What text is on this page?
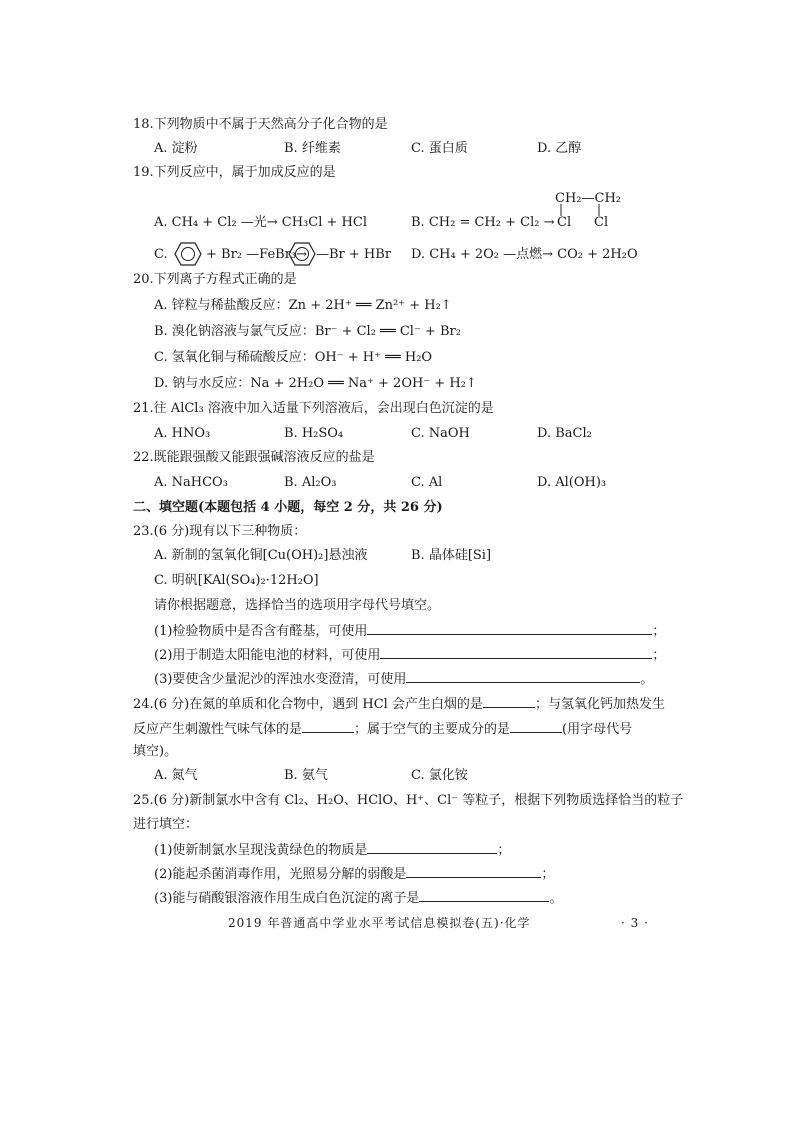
18.下列物质中不属于天然高分子化合物的是
A. 淀粉	B. 纤维素	C. 蛋白质	D. 乙醇
19.下列反应中，属于加成反应的是
A. CH₄ + Cl₂ —光→ CH₃Cl + HCl	B. CH₂ = CH₂ + Cl₂ →
CH₂—CH₂
Cl Cl
C.	+ Br₂ —FeBr₃→ —Br + HBr D. CH₄ + 2O₂ —点燃→ CO₂ + 2H₂O
20.下列离子方程式正确的是
A. 锌粒与稀盐酸反应：Zn + 2H⁺ ══ Zn²⁺ + H₂↑
B. 溴化钠溶液与氯气反应：Br⁻ + Cl₂ ══ Cl⁻ + Br₂
C. 氢氧化铜与稀硫酸反应：OH⁻ + H⁺ ══ H₂O
D. 钠与水反应：Na + 2H₂O ══ Na⁺ + 2OH⁻ + H₂↑
21.往 AlCl₃ 溶液中加入适量下列溶液后，会出现白色沉淀的是
A. HNO₃	B. H₂SO₄	C. NaOH	D. BaCl₂
22.既能跟强酸又能跟强碱溶液反应的盐是
A. NaHCO₃	B. Al₂O₃	C. Al	D. Al(OH)₃
二、填空题(本题包括 4 小题，每空 2 分，共 26 分)
23.(6 分)现有以下三种物质：
A. 新制的氢氧化铜[Cu(OH)₂]悬浊液	B. 晶体硅[Si]
C. 明矾[KAl(SO₄)₂·12H₂O]
请你根据题意，选择恰当的选项用字母代号填空。
(1)检验物质中是否含有醛基，可使用	；
(2)用于制造太阳能电池的材料，可使用	；
(3)要使含少量泥沙的浑浊水变澄清，可使用	。
24.(6 分)在氮的单质和化合物中，遇到 HCl 会产生白烟的是	；与氢氧化钙加热发生
反应产生刺激性气味气体的是	；属于空气的主要成分的是	(用字母代号
填空)。
A. 氮气	B. 氨气	C. 氯化铵
25.(6 分)新制氯水中含有 Cl₂、H₂O、HClO、H⁺、Cl⁻ 等粒子，根据下列物质选择恰当的粒子
进行填空：
(1)使新制氯水呈现浅黄绿色的物质是	；
(2)能起杀菌消毒作用，光照易分解的弱酸是	；
(3)能与硝酸银溶液作用生成白色沉淀的离子是	。
2019 年普通高中学业水平考试信息模拟卷(五)·化学	· 3 ·
